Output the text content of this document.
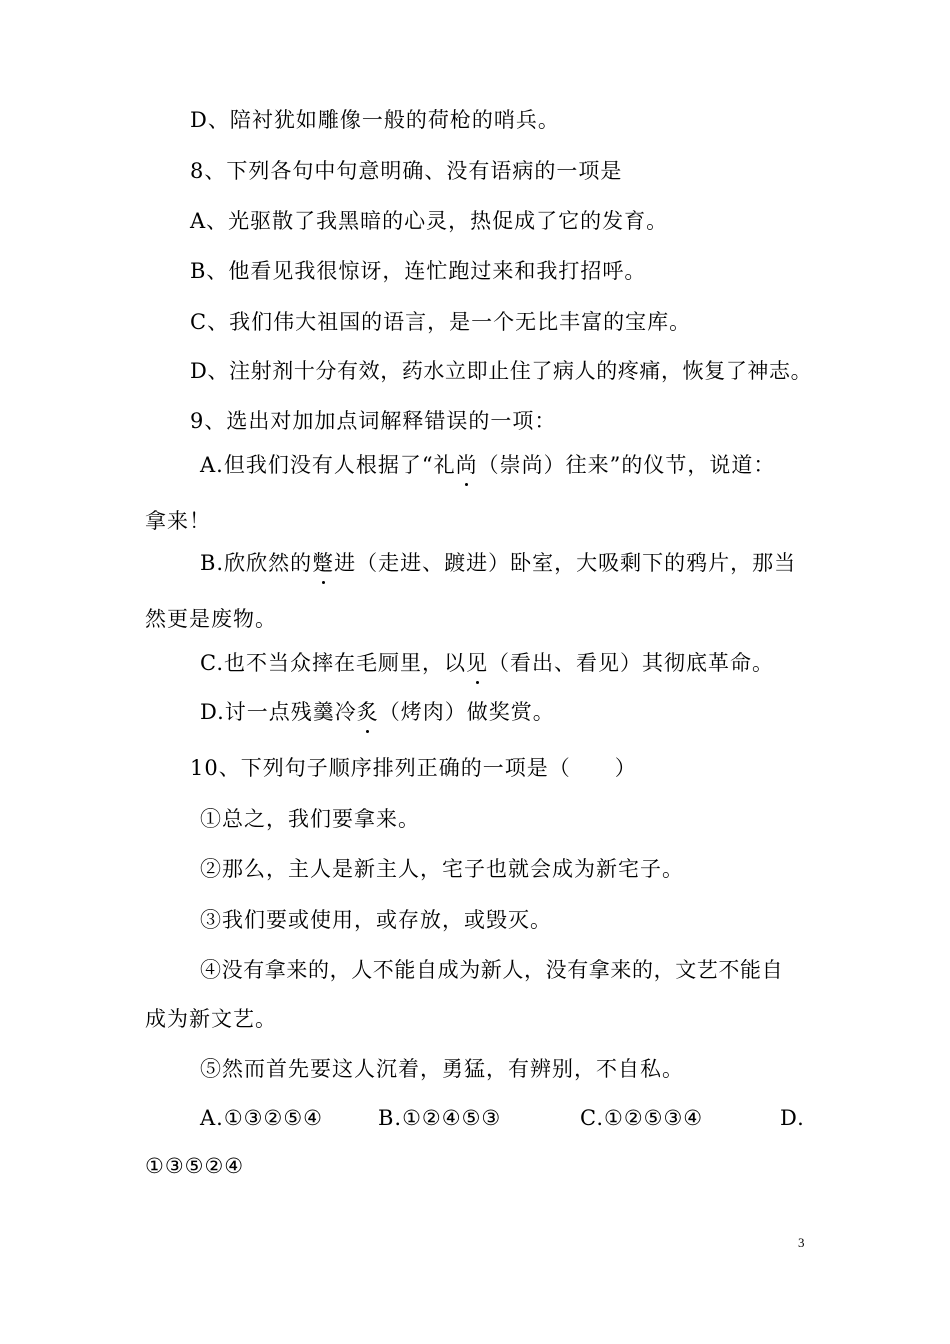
D、陪衬犹如雕像一般的荷枪的哨兵。
8、下列各句中句意明确、没有语病的一项是
A、光驱散了我黑暗的心灵，热促成了它的发育。
B、他看见我很惊讶，连忙跑过来和我打招呼。
C、我们伟大祖国的语言，是一个无比丰富的宝库。
D、注射剂十分有效，药水立即止住了病人的疼痛，恢复了神志。
9、选出对加加点词解释错误的一项：
A.但我们没有人根据了“礼尚（崇尚）往来”的仪节，说道：
拿来！
B.欣欣然的蹩进（走进、踱进）卧室，大吸剩下的鸦片，那当
然更是废物。
C.也不当众摔在毛厕里，以见（看出、看见）其彻底革命。
D.讨一点残羹冷炙（烤肉）做奖赏。
10、下列句子顺序排列正确的一项是（　　）
①总之，我们要拿来。
②那么，主人是新主人，宅子也就会成为新宅子。
③我们要或使用，或存放，或毁灭。
④没有拿来的，人不能自成为新人，没有拿来的，文艺不能自
成为新文艺。
⑤然而首先要这人沉着，勇猛，有辨别，不自私。
A.①③②⑤④	B.①②④⑤③	C.①②⑤③④	D.
①③⑤②④
3
